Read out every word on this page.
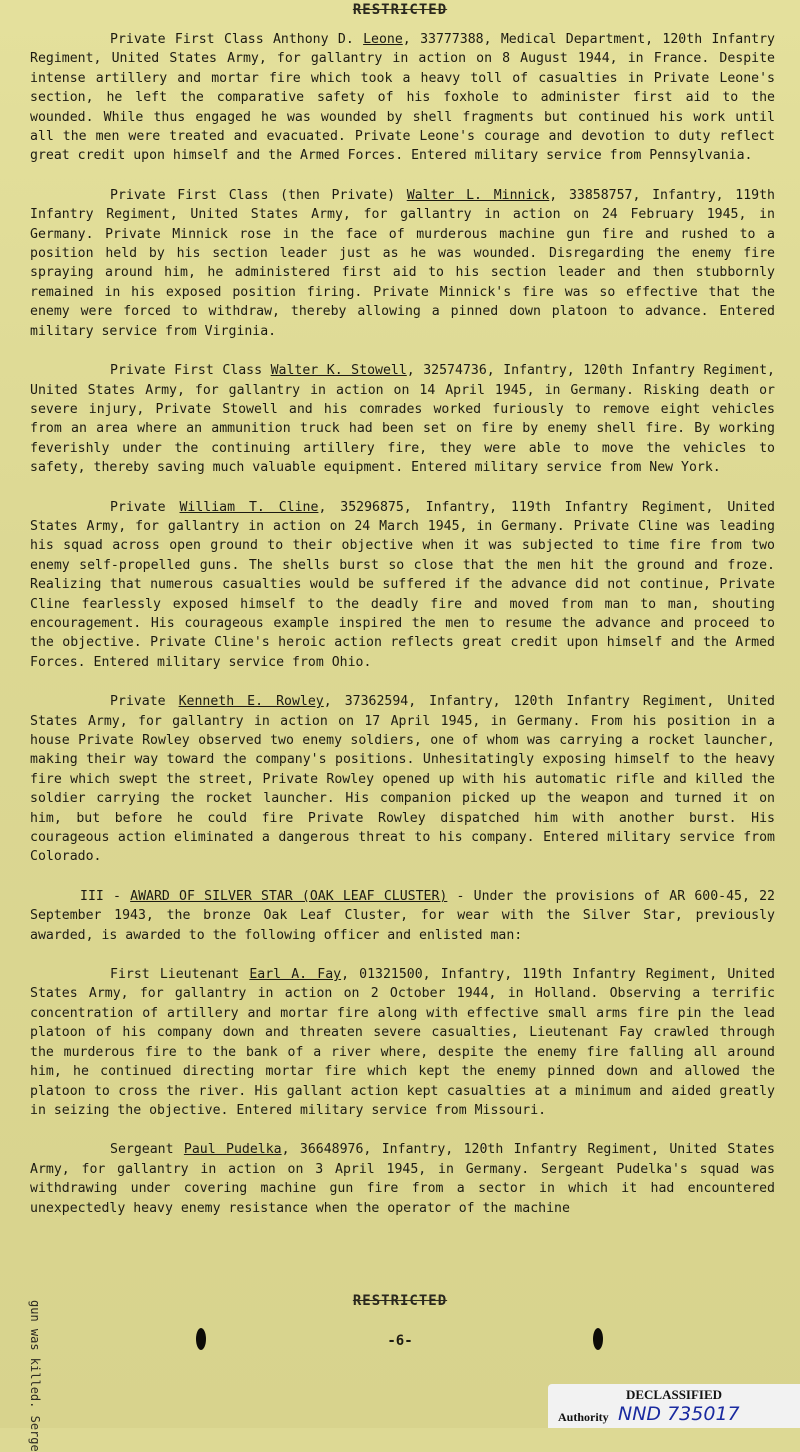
RESTRICTED

Private First Class Anthony D. Leone, 33777388, Medical Department, 120th Infantry Regiment, United States Army, for gallantry in action on 8 August 1944, in France. Despite intense artillery and mortar fire which took a heavy toll of casualties in Private Leone's section, he left the comparative safety of his foxhole to administer first aid to the wounded. While thus engaged he was wounded by shell fragments but continued his work until all the men were treated and evacuated. Private Leone's courage and devotion to duty reflect great credit upon himself and the Armed Forces. Entered military service from Pennsylvania.

Private First Class (then Private) Walter L. Minnick, 33858757, Infantry, 119th Infantry Regiment, United States Army, for gallantry in action on 24 February 1945, in Germany. Private Minnick rose in the face of murderous machine gun fire and rushed to a position held by his section leader just as he was wounded. Disregarding the enemy fire spraying around him, he administered first aid to his section leader and then stubbornly remained in his exposed position firing. Private Minnick's fire was so effective that the enemy were forced to withdraw, thereby allowing a pinned down platoon to advance. Entered military service from Virginia.

Private First Class Walter K. Stowell, 32574736, Infantry, 120th Infantry Regiment, United States Army, for gallantry in action on 14 April 1945, in Germany. Risking death or severe injury, Private Stowell and his comrades worked furiously to remove eight vehicles from an area where an ammunition truck had been set on fire by enemy shell fire. By working feverishly under the continuing artillery fire, they were able to move the vehicles to safety, thereby saving much valuable equipment. Entered military service from New York.

Private William T. Cline, 35296875, Infantry, 119th Infantry Regiment, United States Army, for gallantry in action on 24 March 1945, in Germany. Private Cline was leading his squad across open ground to their objective when it was subjected to time fire from two enemy self-propelled guns. The shells burst so close that the men hit the ground and froze. Realizing that numerous casualties would be suffered if the advance did not continue, Private Cline fearlessly exposed himself to the deadly fire and moved from man to man, shouting encouragement. His courageous example inspired the men to resume the advance and proceed to the objective. Private Cline's heroic action reflects great credit upon himself and the Armed Forces. Entered military service from Ohio.

Private Kenneth E. Rowley, 37362594, Infantry, 120th Infantry Regiment, United States Army, for gallantry in action on 17 April 1945, in Germany. From his position in a house Private Rowley observed two enemy soldiers, one of whom was carrying a rocket launcher, making their way toward the company's positions. Unhesitatingly exposing himself to the heavy fire which swept the street, Private Rowley opened up with his automatic rifle and killed the soldier carrying the rocket launcher. His companion picked up the weapon and turned it on him, but before he could fire Private Rowley dispatched him with another burst. His courageous action eliminated a dangerous threat to his company. Entered military service from Colorado.

III - AWARD OF SILVER STAR (OAK LEAF CLUSTER) - Under the provisions of AR 600-45, 22 September 1943, the bronze Oak Leaf Cluster, for wear with the Silver Star, previously awarded, is awarded to the following officer and enlisted man:

First Lieutenant Earl A. Fay, 01321500, Infantry, 119th Infantry Regiment, United States Army, for gallantry in action on 2 October 1944, in Holland. Observing a terrific concentration of artillery and mortar fire along with effective small arms fire pin the lead platoon of his company down and threaten severe casualties, Lieutenant Fay crawled through the murderous fire to the bank of a river where, despite the enemy fire falling all around him, he continued directing mortar fire which kept the enemy pinned down and allowed the platoon to cross the river. His gallant action kept casualties at a minimum and aided greatly in seizing the objective. Entered military service from Missouri.

Sergeant Paul Pudelka, 36648976, Infantry, 120th Infantry Regiment, United States Army, for gallantry in action on 3 April 1945, in Germany. Sergeant Pudelka's squad was withdrawing under covering machine gun fire from a sector in which it had encountered unexpectedly heavy enemy resistance when the operator of the machine

RESTRICTED
-6-
gun was killed. Serge	DECLASSIFIED
Authority NND 735017
